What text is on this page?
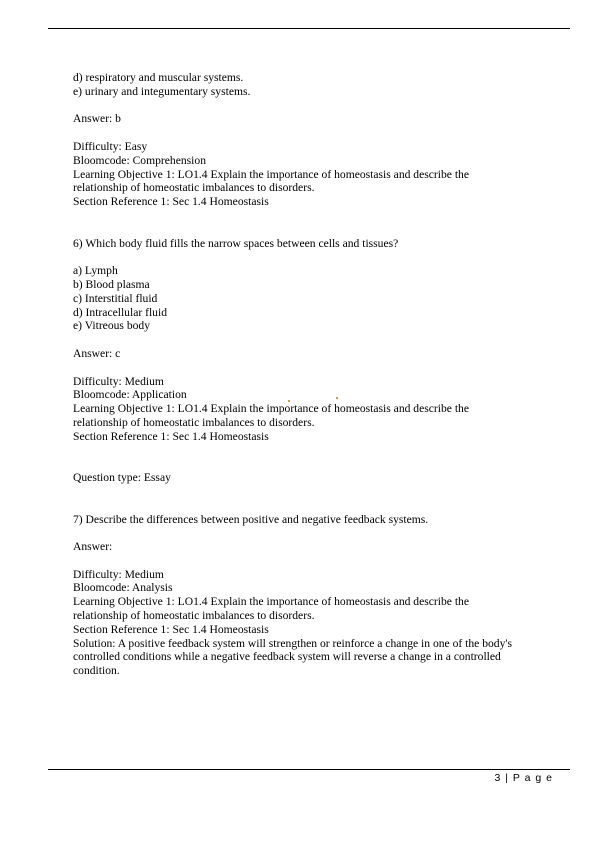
d) respiratory and muscular systems.
e) urinary and integumentary systems.
Answer: b
Difficulty: Easy
Bloomcode: Comprehension
Learning Objective 1: LO1.4 Explain the importance of homeostasis and describe the
relationship of homeostatic imbalances to disorders.
Section Reference 1: Sec 1.4 Homeostasis
6) Which body fluid fills the narrow spaces between cells and tissues?
a) Lymph
b) Blood plasma
c) Interstitial fluid
d) Intracellular fluid
e) Vitreous body
Answer: c
Difficulty: Medium
Bloomcode: Application
Learning Objective 1: LO1.4 Explain the importance of homeostasis and describe the
relationship of homeostatic imbalances to disorders.
Section Reference 1: Sec 1.4 Homeostasis
Question type: Essay
7) Describe the differences between positive and negative feedback systems.
Answer:
Difficulty: Medium
Bloomcode: Analysis
Learning Objective 1: LO1.4 Explain the importance of homeostasis and describe the
relationship of homeostatic imbalances to disorders.
Section Reference 1: Sec 1.4 Homeostasis
Solution: A positive feedback system will strengthen or reinforce a change in one of the body's
controlled conditions while a negative feedback system will reverse a change in a controlled
condition.
3 | P a g e
